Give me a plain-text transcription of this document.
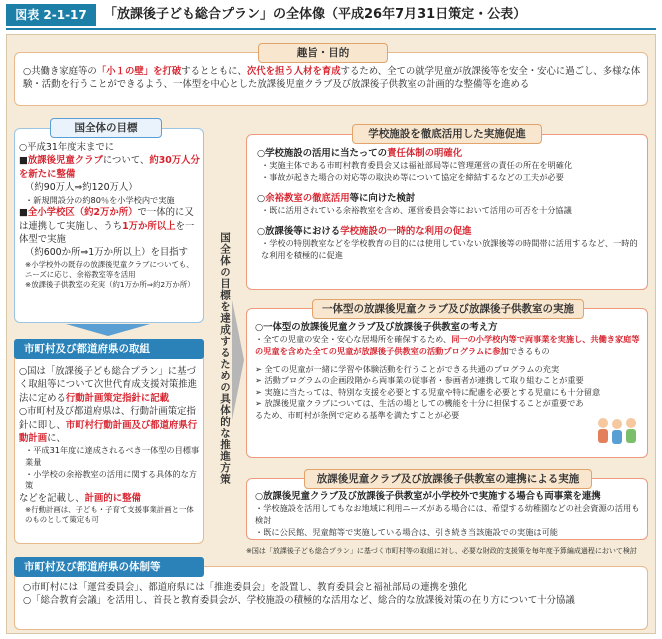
図表 2-1-17	「放課後子ども総合プラン」の全体像（平成26年7月31日策定・公表）
○共働き家庭等の「小１の壁」を打破するとともに、次代を担う人材を育成するため、全ての就学児童が放課後等を安全・安心に過ごし、多様な体験・活動を行うことができるよう、一体型を中心とした放課後児童クラブ及び放課後子供教室の計画的な整備等を進める
趣旨・目的
○平成31年度末までに
■放課後児童クラブについて、約30万人分を新たに整備
（約90万人⇒約120万人）
・新規開設分の約80％を小学校内で実施
■全小学校区（約2万か所）で一体的に又は連携して実施し、うち1万か所以上を一体型で実施
（約600か所⇒1万か所以上）を目指す
※小学校外の既存の放課後児童クラブについても、ニーズに応じ、余裕教室等を活用
※放課後子供教室の充実（約1万か所⇒約2万か所）
国全体の目標
○国は「放課後子ども総合プラン」に基づく取組等について次世代育成支援対策推進法に定める行動計画策定指針に記載
○市町村及び都道府県は、行動計画策定指針に即し、市町村行動計画及び都道府県行動計画に、
・平成31年度に達成されるべき一体型の目標事業量
・小学校の余裕教室の活用に関する具体的な方策
などを記載し、計画的に整備
※行動計画は、子ども・子育て支援事業計画と一体のものとして策定も可
市町村及び都道府県の取組	国全体の目標を達成するための具体的な推進方策
○学校施設の活用に当たっての責任体制の明確化
・実施主体である市町村教育委員会又は福祉部局等に管理運営の責任の所在を明確化
・事故が起きた場合の対応等の取決め等について協定を締結するなどの工夫が必要
○余裕教室の徹底活用等に向けた検討
・既に活用されている余裕教室を含め、運営委員会等において活用の可否を十分協議
○放課後等における学校施設の一時的な利用の促進
・学校の特別教室などを学校教育の目的には使用していない放課後等の時間帯に活用するなど、一時的な利用を積極的に促進
学校施設を徹底活用した実施促進
○一体型の放課後児童クラブ及び放課後子供教室の考え方
・全ての児童の安全・安心な居場所を確保するため、同一の小学校内等で両事業を実施し、共働き家庭等の児童を含めた全ての児童が放課後子供教室の活動プログラムに参加できるもの
➢ 全ての児童が一緒に学習や体験活動を行うことができる共通のプログラムの充実
➢ 活動プログラムの企画段階から両事業の従事者・参画者が連携して取り組むことが重要
➢ 実施に当たっては、特別な支援を必要とする児童や特に配慮を必要とする児童にも十分留意
➢ 放課後児童クラブについては、生活の場としての機能を十分に担保することが重要であるため、市町村が条例で定める基準を満たすことが必要
一体型の放課後児童クラブ及び放課後子供教室の実施
○放課後児童クラブ及び放課後子供教室が小学校外で実施する場合も両事業を連携
・学校施設を活用してもなお地域に利用ニーズがある場合には、希望する幼稚園などの社会資源の活用も検討
・既に公民館、児童館等で実施している場合は、引き続き当該施設での実施は可能
放課後児童クラブ及び放課後子供教室の連携による実施
※国は「放課後子ども総合プラン」に基づく市町村等の取組に対し、必要な財政的支援策を毎年度予算編成過程において検討
○市町村には「運営委員会」、都道府県には「推進委員会」を設置し、教育委員会と福祉部局の連携を強化
○「総合教育会議」を活用し、首長と教育委員会が、学校施設の積極的な活用など、総合的な放課後対策の在り方について十分協議
市町村及び都道府県の体制等
